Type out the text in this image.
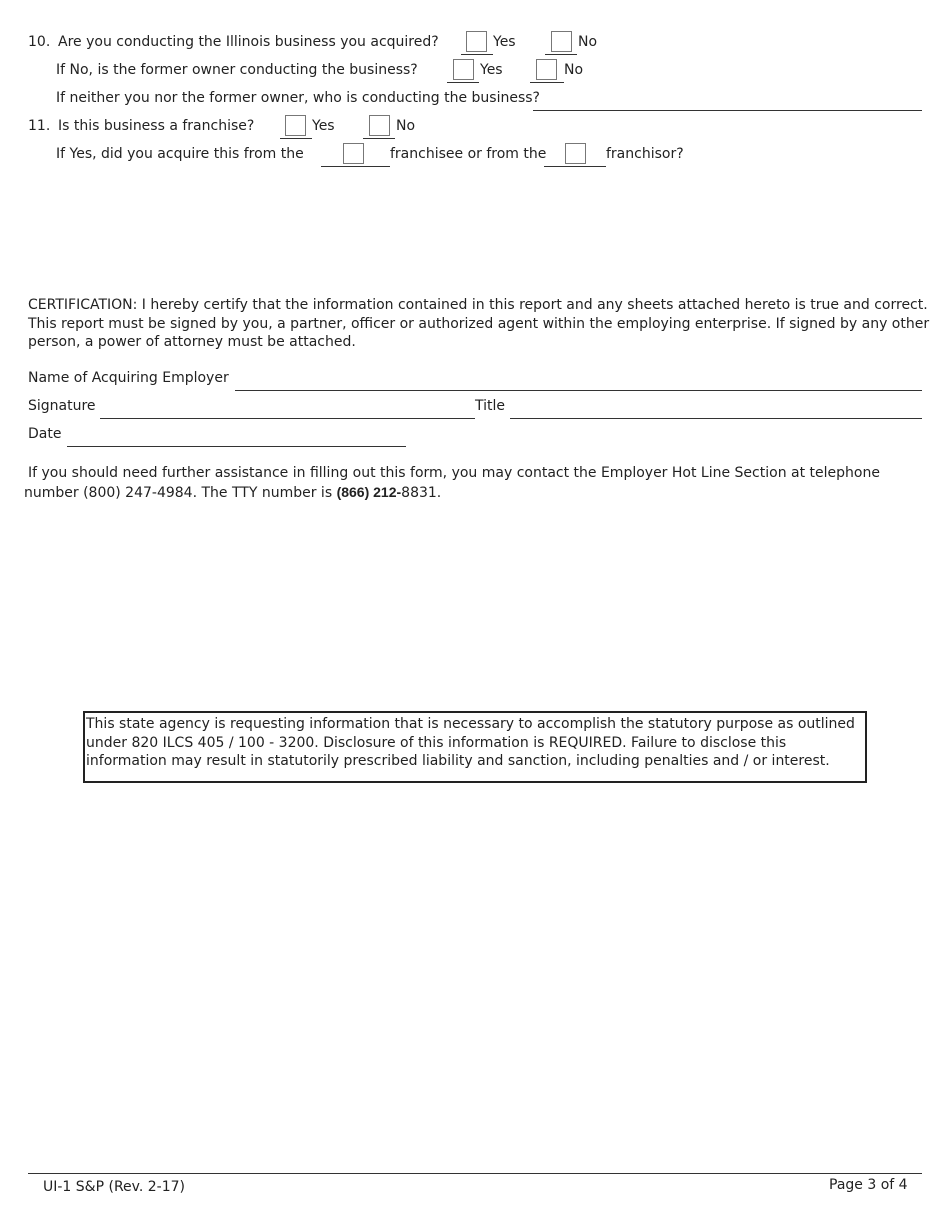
10. Are you conducting the Illinois business you acquired?	Yes	No
If No, is the former owner conducting the business?	Yes	No
If neither you nor the former owner, who is conducting the business?
11. Is this business a franchise?	Yes	No
If Yes, did you acquire this from the	franchisee or from the	franchisor?
CERTIFICATION: I hereby certify that the information contained in this report and any sheets attached hereto is true and correct.
This report must be signed by you, a partner, officer or authorized agent within the employing enterprise. If signed by any other
person, a power of attorney must be attached.
Name of Acquiring Employer
Signature	Title
Date
If you should need further assistance in filling out this form, you may contact the Employer Hot Line Section at telephone
number (800) 247-4984. The TTY number is (866) 212-8831.
This state agency is requesting information that is necessary to accomplish the statutory purpose as outlined
under 820 ILCS 405 / 100 - 3200. Disclosure of this information is REQUIRED. Failure to disclose this
information may result in statutorily prescribed liability and sanction, including penalties and / or interest.
UI-1 S&P (Rev. 2-17)	Page 3 of 4
